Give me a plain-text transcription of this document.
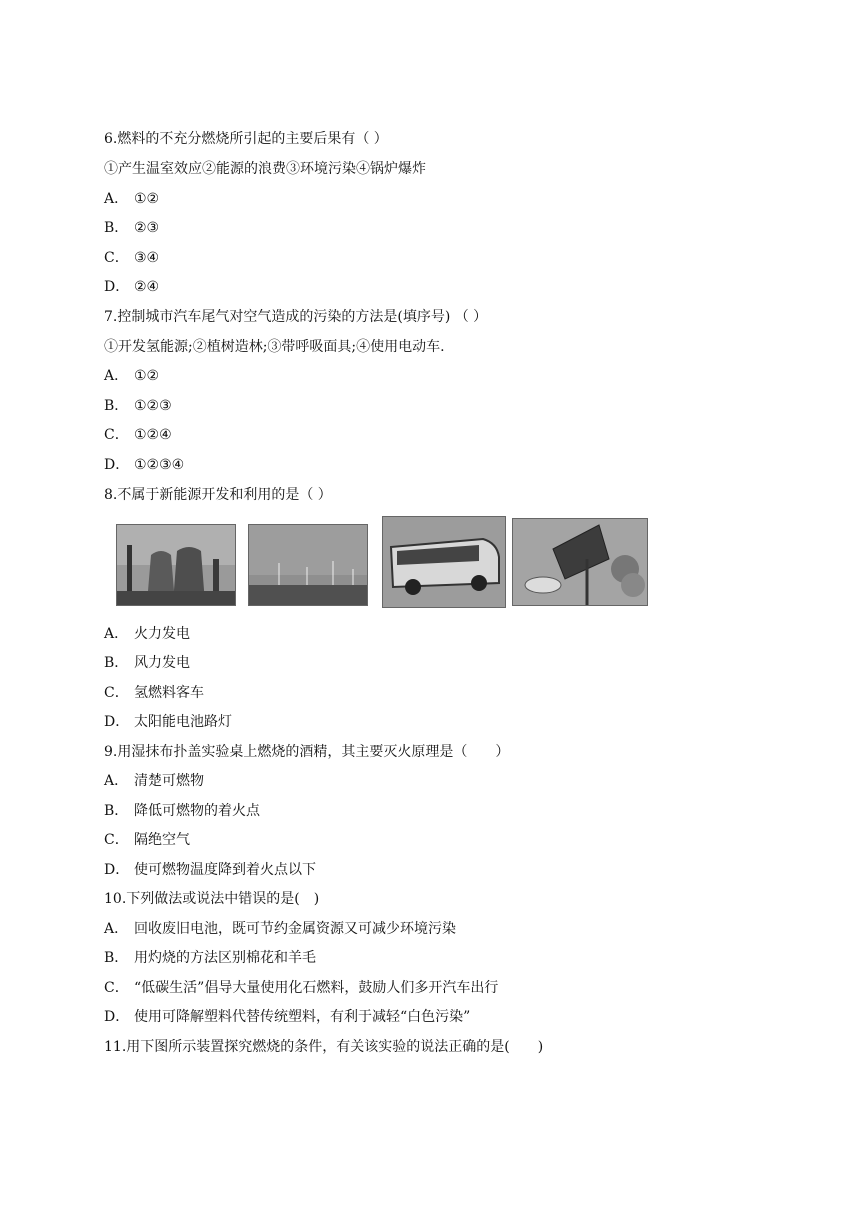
6.燃料的不充分燃烧所引起的主要后果有（ ）
①产生温室效应②能源的浪费③环境污染④锅炉爆炸
A． ①②
B． ②③
C． ③④
D． ②④
7.控制城市汽车尾气对空气造成的污染的方法是(填序号) （ ）
①开发氢能源;②植树造林;③带呼吸面具;④使用电动车.
A． ①②
B． ①②③
C． ①②④
D． ①②③④
8.不属于新能源开发和利用的是（ ）
A． 火力发电
B． 风力发电
C． 氢燃料客车
D． 太阳能电池路灯
9.用湿抹布扑盖实验桌上燃烧的酒精，其主要灭火原理是（　　）
A． 清楚可燃物
B． 降低可燃物的着火点
C． 隔绝空气
D． 使可燃物温度降到着火点以下
10.下列做法或说法中错误的是(　)
A． 回收废旧电池，既可节约金属资源又可减少环境污染
B． 用灼烧的方法区别棉花和羊毛
C． “低碳生活”倡导大量使用化石燃料，鼓励人们多开汽车出行
D． 使用可降解塑料代替传统塑料，有利于减轻“白色污染”
11.用下图所示装置探究燃烧的条件，有关该实验的说法正确的是(　　)
